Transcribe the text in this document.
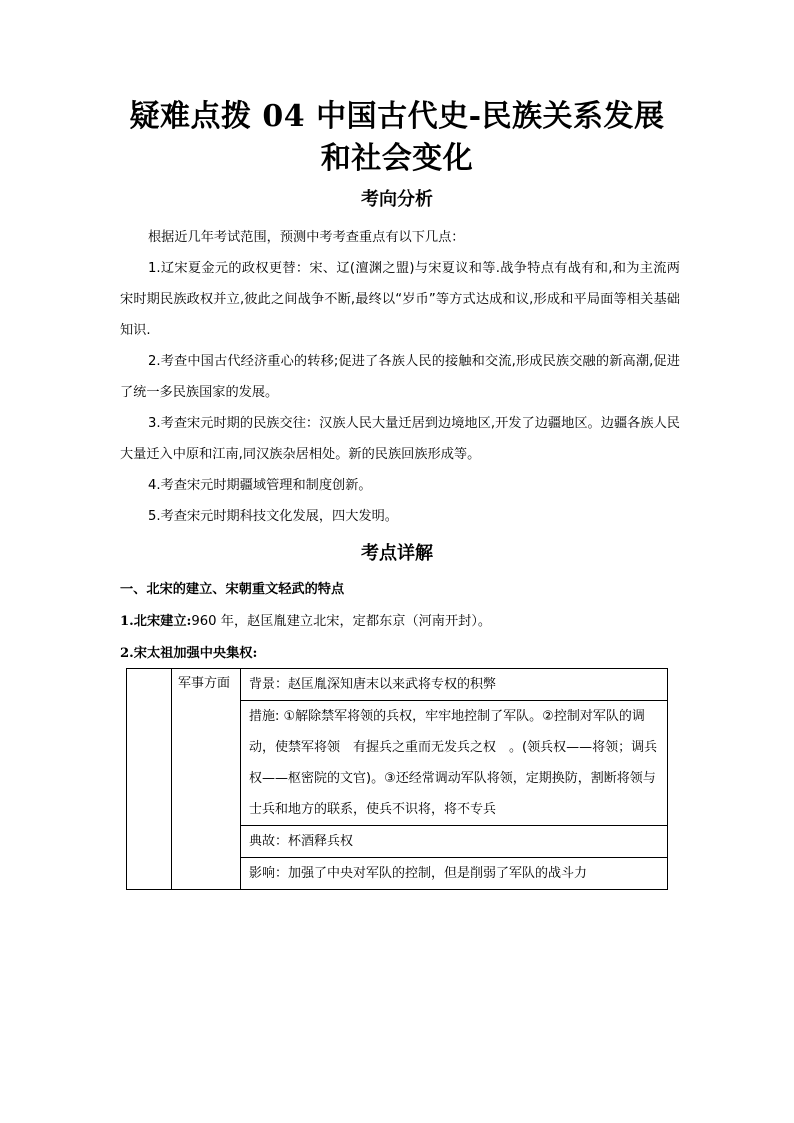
疑难点拨 04 中国古代史-民族关系发展
和社会变化
考向分析
根据近几年考试范围，预测中考考查重点有以下几点：
1.辽宋夏金元的政权更替：宋、辽(澶渊之盟)与宋夏议和等.战争特点有战有和,和为主流两宋时期民族政权并立,彼此之间战争不断,最终以“岁币”等方式达成和议,形成和平局面等相关基础知识.
2.考查中国古代经济重心的转移;促进了各族人民的接触和交流,形成民族交融的新高潮,促进了统一多民族国家的发展。
3.考查宋元时期的民族交往：汉族人民大量迁居到边境地区,开发了边疆地区。边疆各族人民大量迁入中原和江南,同汉族杂居相处。新的民族回族形成等。
4.考查宋元时期疆域管理和制度创新。
5.考查宋元时期科技文化发展，四大发明。
考点详解
一、北宋的建立、宋朝重文轻武的特点
1.北宋建立:960 年，赵匡胤建立北宋，定都东京（河南开封）。
2.宋太祖加强中央集权:
	军事方面	背景：赵匡胤深知唐末以来武将专权的积弊
措施: ①解除禁军将领的兵权，牢牢地控制了军队。②控制对军队的调动，使禁军将领　有握兵之重而无发兵之权　。(领兵权——将领；调兵权——枢密院的文官)。③还经常调动军队将领，定期换防，割断将领与士兵和地方的联系，使兵不识将，将不专兵
典故：杯酒释兵权
影响：加强了中央对军队的控制，但是削弱了军队的战斗力
